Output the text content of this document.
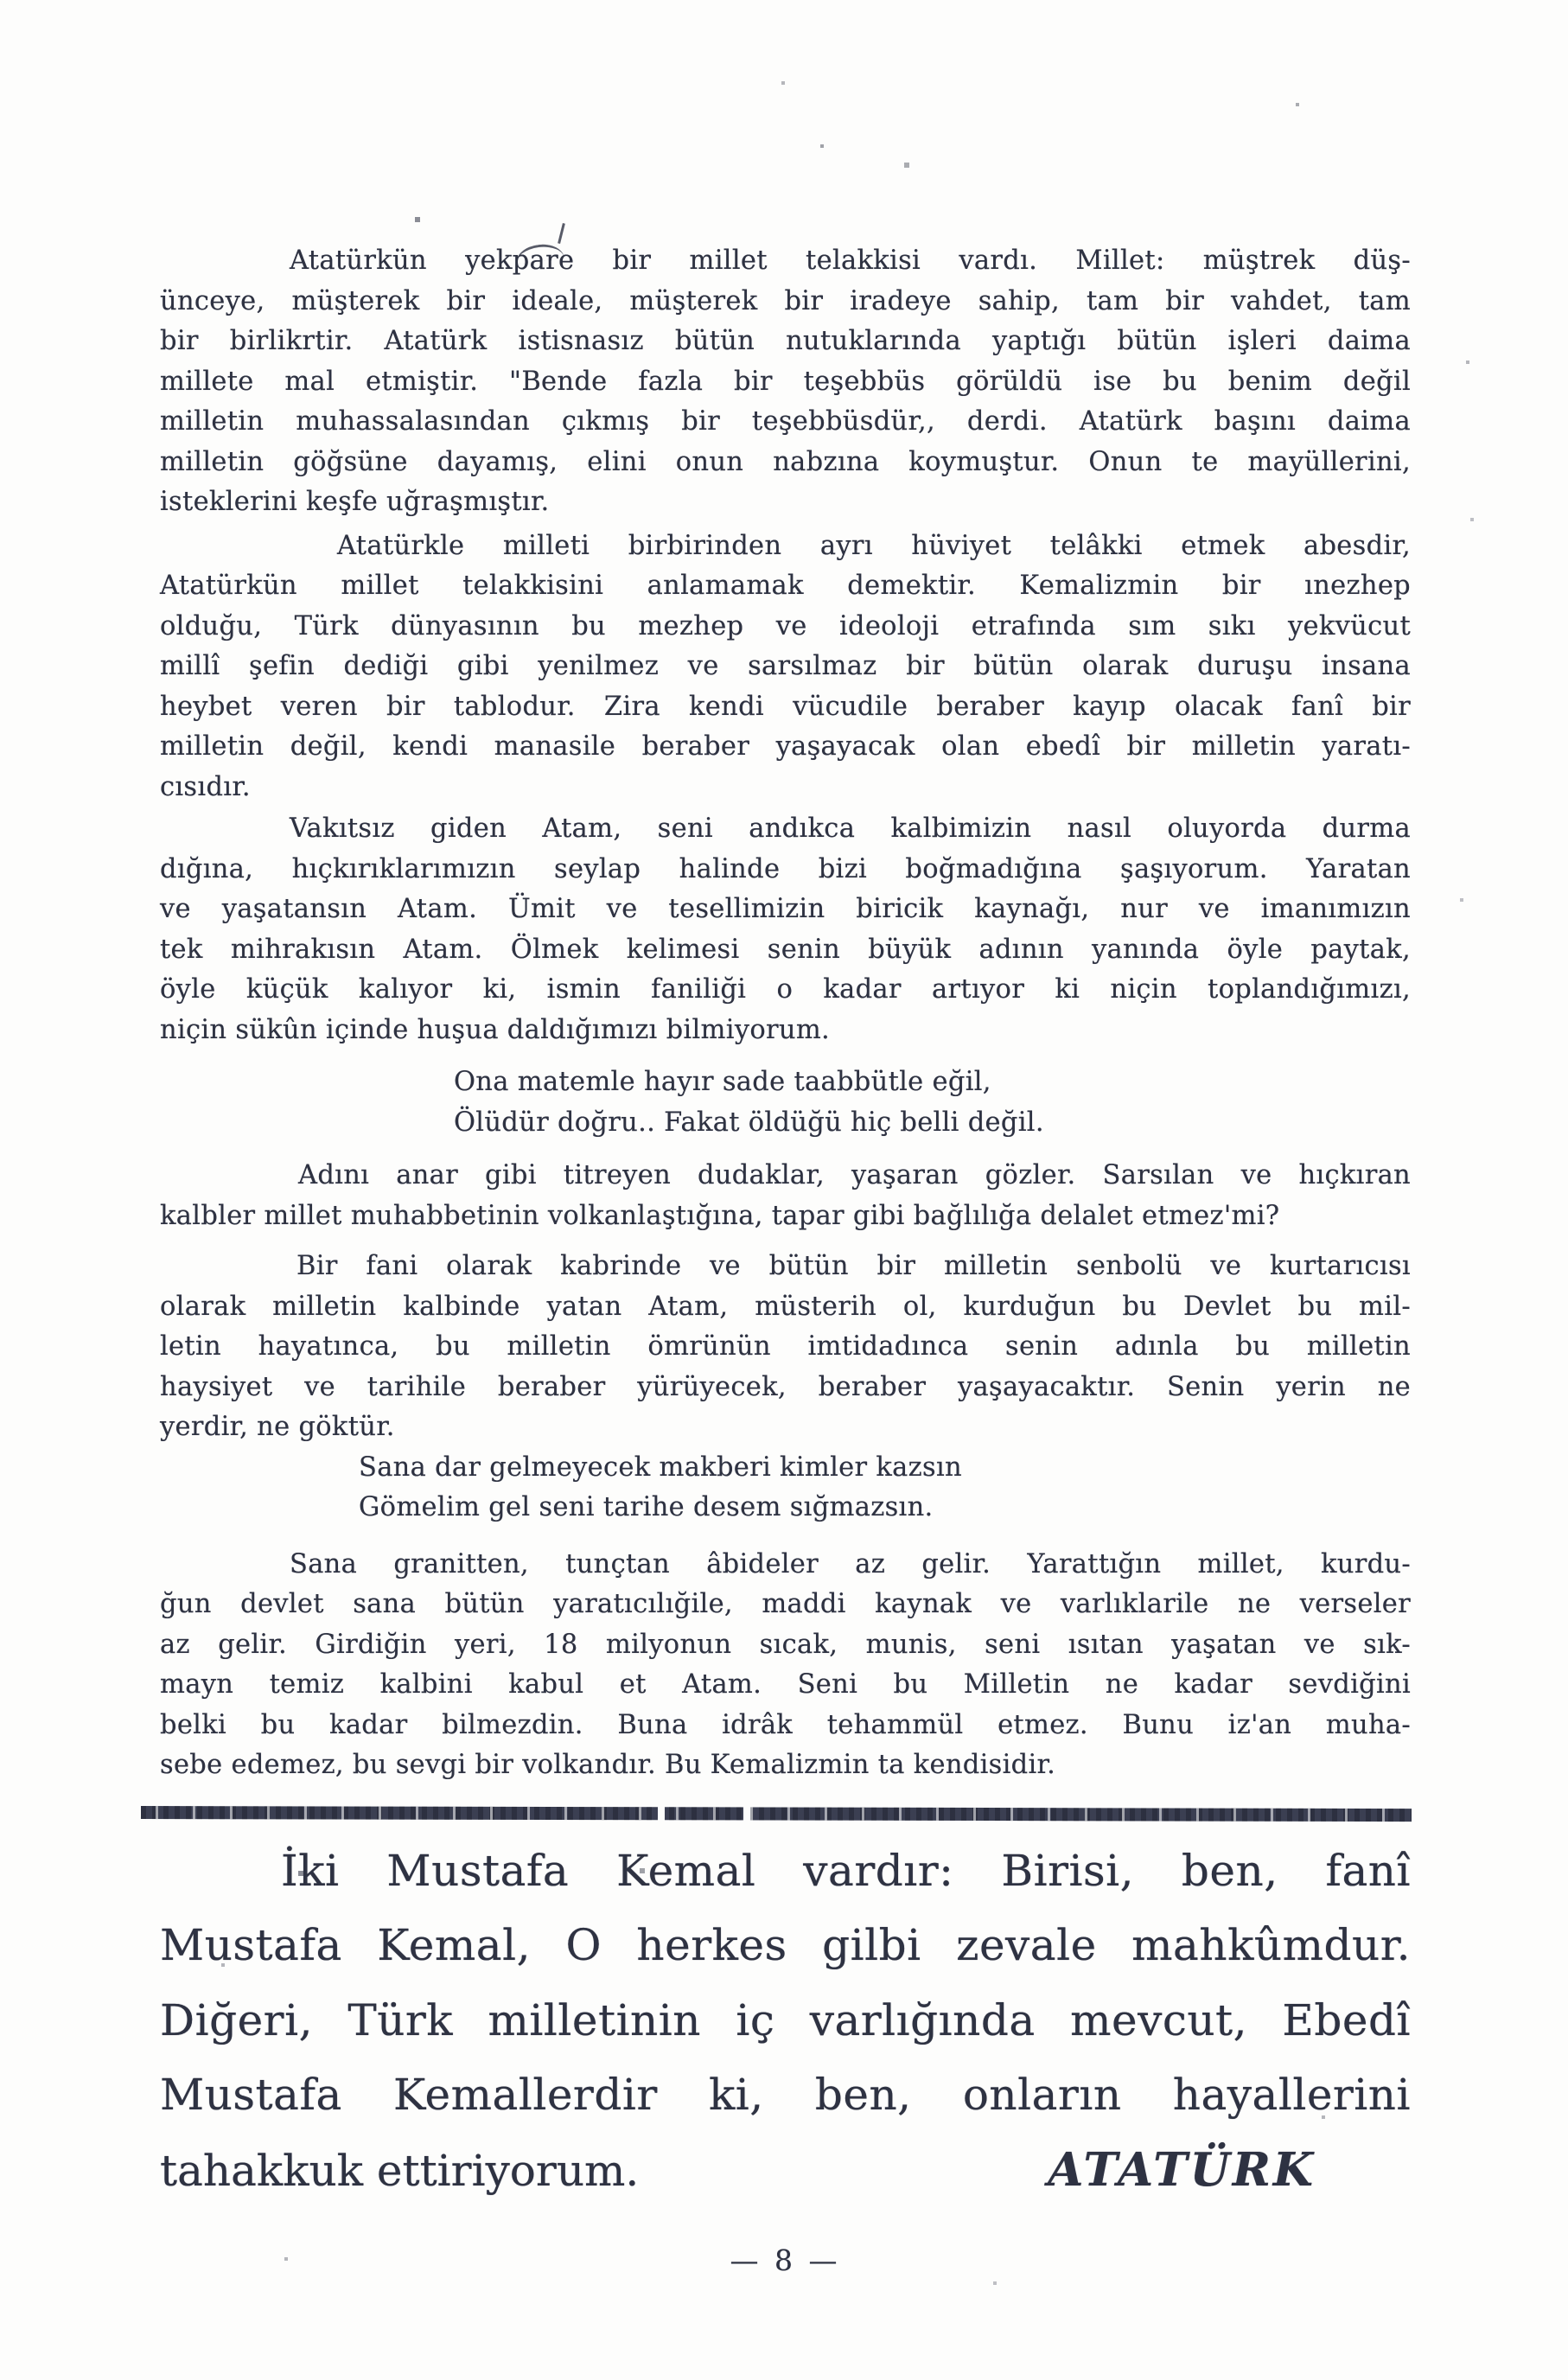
Atatürkün yekpare bir millet telakkisi vardı. Millet: müştrek düş-
ünceye, müşterek bir ideale, müşterek bir iradeye sahip, tam bir vahdet, tam
bir birlikrtir. Atatürk istisnasız bütün nutuklarında yaptığı bütün işleri daima
millete mal etmiştir. "Bende fazla bir teşebbüs görüldü ise bu benim değil
milletin muhassalasından çıkmış bir teşebbüsdür,, derdi. Atatürk başını daima
milletin göğsüne dayamış, elini onun nabzına koymuştur. Onun te mayüllerini,
isteklerini keşfe uğraşmıştır.
Atatürkle milleti birbirinden ayrı hüviyet telâkki etmek abesdir,
Atatürkün millet telakkisini anlamamak demektir. Kemalizmin bir ınezhep
olduğu, Türk dünyasının bu mezhep ve ideoloji etrafında sım sıkı yekvücut
millî şefin dediği gibi yenilmez ve sarsılmaz bir bütün olarak duruşu insana
heybet veren bir tablodur. Zira kendi vücudile beraber kayıp olacak fanî bir
milletin değil, kendi manasile beraber yaşayacak olan ebedî bir milletin yaratı-
cısıdır.
Vakıtsız giden Atam, seni andıkca kalbimizin nasıl oluyorda durma
dığına, hıçkırıklarımızın seylap halinde bizi boğmadığına şaşıyorum. Yaratan
ve yaşatansın Atam. Ümit ve tesellimizin biricik kaynağı, nur ve imanımızın
tek mihrakısın Atam. Ölmek kelimesi senin büyük adının yanında öyle paytak,
öyle küçük kalıyor ki, ismin faniliği o kadar artıyor ki niçin toplandığımızı,
niçin sükûn içinde huşua daldığımızı bilmiyorum.
Ona matemle hayır sade taabbütle eğil,
Ölüdür doğru.. Fakat öldüğü hiç belli değil.
Adını anar gibi titreyen dudaklar, yaşaran gözler. Sarsılan ve hıçkıran
kalbler millet muhabbetinin volkanlaştığına, tapar gibi bağlılığa delalet etmez'mi?
Bir fani olarak kabrinde ve bütün bir milletin senbolü ve kurtarıcısı
olarak milletin kalbinde yatan Atam, müsterih ol, kurduğun bu Devlet bu mil-
letin hayatınca, bu milletin ömrünün imtidadınca senin adınla bu milletin
haysiyet ve tarihile beraber yürüyecek, beraber yaşayacaktır. Senin yerin ne
yerdir, ne göktür.
Sana dar gelmeyecek makberi kimler kazsın
Gömelim gel seni tarihe desem sığmazsın.
Sana granitten, tunçtan âbideler az gelir. Yarattığın millet, kurdu-
ğun devlet sana bütün yaratıcılığile, maddi kaynak ve varlıklarile ne verseler
az gelir. Girdiğin yeri, 18 milyonun sıcak, munis, seni ısıtan yaşatan ve sık-
mayn temiz kalbini kabul et Atam. Seni bu Milletin ne kadar sevdiğini
belki bu kadar bilmezdin. Buna idrâk tehammül etmez. Bunu iz'an muha-
sebe edemez, bu sevgi bir volkandır. Bu Kemalizmin ta kendisidir.
İki Mustafa Kemal vardır: Birisi, ben, fanî
Mustafa Kemal, O herkes gilbi zevale mahkûmdur.
Diğeri, Türk milletinin iç varlığında mevcut, Ebedî
Mustafa Kemallerdir ki, ben, onların hayallerini
tahakkuk ettiriyorum.	ATATÜRK
— 8 —
